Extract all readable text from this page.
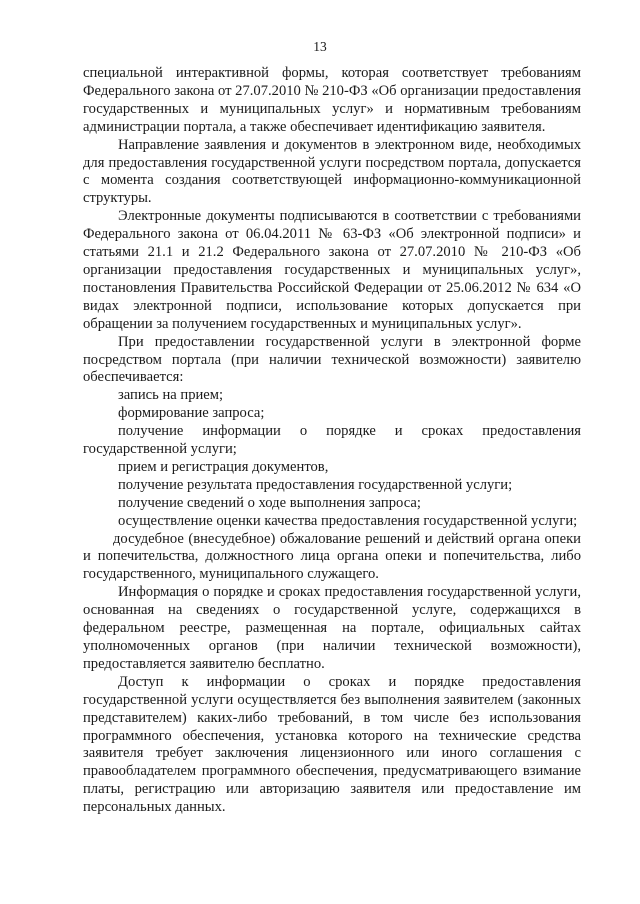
13

специальной интерактивной формы, которая соответствует требованиям Федерального закона от 27.07.2010 № 210-ФЗ «Об организации предоставления государственных и муниципальных услуг» и нормативным требованиям администрации портала, а также обеспечивает идентификацию заявителя.

Направление заявления и документов в электронном виде, необходимых для предоставления государственной услуги посредством портала, допускается с момента создания соответствующей информационно-коммуникационной структуры.

Электронные документы подписываются в соответствии с требованиями Федерального закона от 06.04.2011 № 63-ФЗ «Об электронной подписи» и статьями 21.1 и 21.2 Федерального закона от 27.07.2010 № 210-ФЗ «Об организации предоставления государственных и муниципальных услуг», постановления Правительства Российской Федерации от 25.06.2012 № 634 «О видах электронной подписи, использование которых допускается при обращении за получением государственных и муниципальных услуг».

При предоставлении государственной услуги в электронной форме посредством портала (при наличии технической возможности) заявителю обеспечивается:

запись на прием;

формирование запроса;

получение информации о порядке и сроках предоставления государственной услуги;

прием и регистрация документов,

получение результата предоставления государственной услуги;

получение сведений о ходе выполнения запроса;

осуществление оценки качества предоставления государственной услуги;

досудебное (внесудебное) обжалование решений и действий органа опеки и попечительства, должностного лица органа опеки и попечительства, либо государственного, муниципального служащего.

Информация о порядке и сроках предоставления государственной услуги, основанная на сведениях о государственной услуге, содержащихся в федеральном реестре, размещенная на портале, официальных сайтах уполномоченных органов (при наличии технической возможности), предоставляется заявителю бесплатно.

Доступ к информации о сроках и порядке предоставления государственной услуги осуществляется без выполнения заявителем (законных представителем) каких-либо требований, в том числе без использования программного обеспечения, установка которого на технические средства заявителя требует заключения лицензионного или иного соглашения с правообладателем программного обеспечения, предусматривающего взимание платы, регистрацию или авторизацию заявителя или предоставление им персональных данных.
